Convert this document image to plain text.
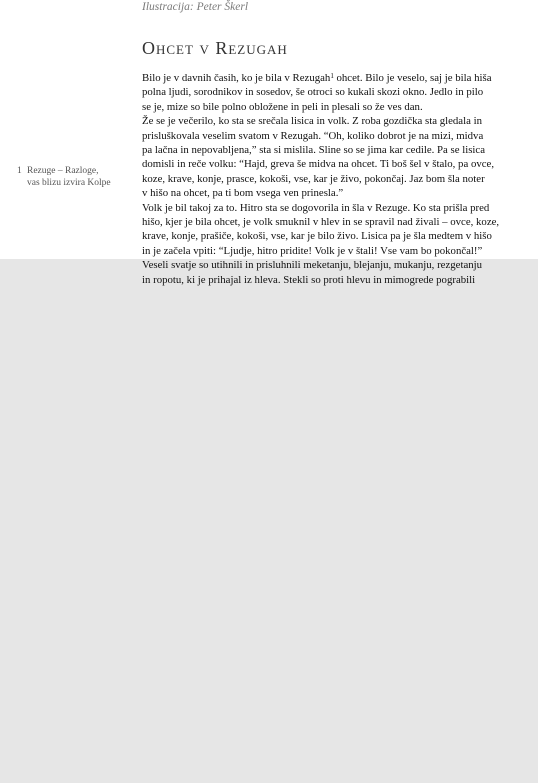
Ilustracija: Peter Škerl
Ohcet v Rezugah
1 Rezuge – Razloge,
vas blizu izvira Kolpe
Bilo je v davnih časih, ko je bila v Rezugah$^1$ ohcet. Bilo je veselo, saj je bila hiša
polna ljudi, sorodnikov in sosedov, še otroci so kukali skozi okno. Jedlo in pilo
se je, mize so bile polno obložene in peli in plesali so že ves dan.
Že se je večerilo, ko sta se srečala lisica in volk. Z roba gozdička sta gledala in
prisluškovala veselim svatom v Rezugah. “Oh, koliko dobrot je na mizi, midva
pa lačna in nepovabljena,” sta si mislila. Sline so se jima kar cedile. Pa se lisica
domisli in reče volku: “Hajd, greva še midva na ohcet. Ti boš šel v štalo, pa ovce,
koze, krave, konje, prasce, kokoši, vse, kar je živo, pokončaj. Jaz bom šla noter
v hišo na ohcet, pa ti bom vsega ven prinesla.”
Volk je bil takoj za to. Hitro sta se dogovorila in šla v Rezuge. Ko sta prišla pred
hišo, kjer je bila ohcet, je volk smuknil v hlev in se spravil nad živali – ovce, koze,
krave, konje, prašiče, kokoši, vse, kar je bilo živo. Lisica pa je šla medtem v hišo
in je začela vpiti: “Ljudje, hitro pridite! Volk je v štali! Vse vam bo pokončal!”
Veseli svatje so utihnili in prisluhnili meketanju, blejanju, mukanju, rezgetanju
in ropotu, ki je prihajal iz hleva. Stekli so proti hlevu in mimogrede pograbili
